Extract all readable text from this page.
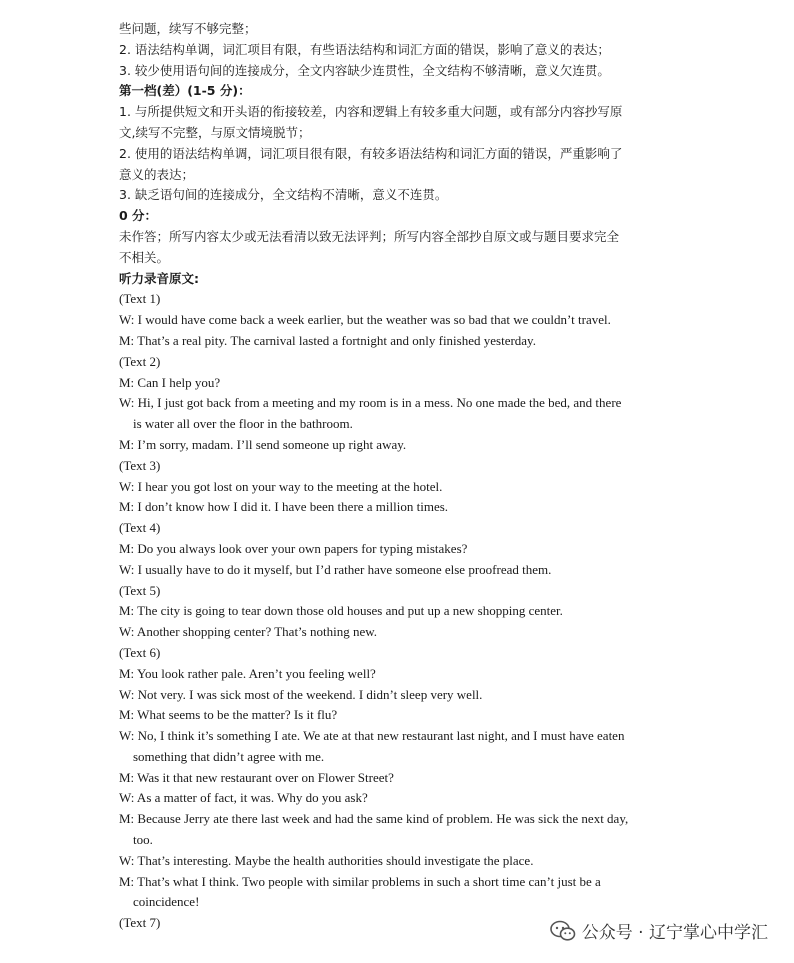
些问题，续写不够完整；
2. 语法结构单调，词汇项目有限，有些语法结构和词汇方面的错误，影响了意义的表达；
3. 较少使用语句间的连接成分，全文内容缺少连贯性，全文结构不够清晰，意义欠连贯。
第一档(差）(1-5 分)：
1. 与所提供短文和开头语的衔接较差，内容和逻辑上有较多重大问题，或有部分内容抄写原
文,续写不完整，与原文情境脱节；
2. 使用的语法结构单调，词汇项目很有限，有较多语法结构和词汇方面的错误，严重影响了
意义的表达；
3. 缺乏语句间的连接成分，全文结构不清晰，意义不连贯。
0 分：
未作答；所写内容太少或无法看清以致无法评判；所写内容全部抄自原文或与题目要求完全
不相关。
听力录音原文:
(Text 1)
W: I would have come back a week earlier, but the weather was so bad that we couldn’t travel.
M: That’s a real pity. The carnival lasted a fortnight and only finished yesterday.
(Text 2)
M: Can I help you?
W: Hi, I just got back from a meeting and my room is in a mess. No one made the bed, and there
is water all over the floor in the bathroom.
M: I’m sorry, madam. I’ll send someone up right away.
(Text 3)
W: I hear you got lost on your way to the meeting at the hotel.
M: I don’t know how I did it. I have been there a million times.
(Text 4)
M: Do you always look over your own papers for typing mistakes?
W: I usually have to do it myself, but I’d rather have someone else proofread them.
(Text 5)
M: The city is going to tear down those old houses and put up a new shopping center.
W: Another shopping center? That’s nothing new.
(Text 6)
M: You look rather pale. Aren’t you feeling well?
W: Not very. I was sick most of the weekend. I didn’t sleep very well.
M: What seems to be the matter? Is it flu?
W: No, I think it’s something I ate. We ate at that new restaurant last night, and I must have eaten
something that didn’t agree with me.
M: Was it that new restaurant over on Flower Street?
W: As a matter of fact, it was. Why do you ask?
M: Because Jerry ate there last week and had the same kind of problem. He was sick the next day,
too.
W: That’s interesting. Maybe the health authorities should investigate the place.
M: That’s what I think. Two people with similar problems in such a short time can’t just be a
coincidence!
(Text 7)
公众号 · 辽宁掌心中学汇
